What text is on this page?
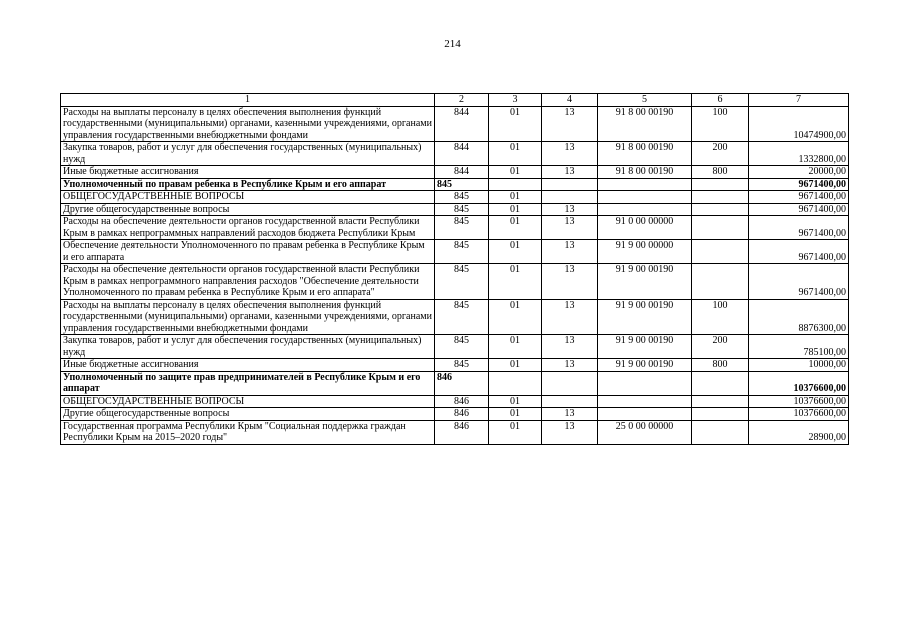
214
1	2	3	4	5	6	7
Расходы на выплаты персоналу в целях обеспечения выполнения функций государственными (муниципальными) органами, казенными учреждениями, органами управления государственными внебюджетными фондами	844	01	13	91 8 00 00190	100	10474900,00
Закупка товаров, работ и услуг для обеспечения государственных (муниципальных) нужд	844	01	13	91 8 00 00190	200	1332800,00
Иные бюджетные ассигнования	844	01	13	91 8 00 00190	800	20000,00
Уполномоченный по правам ребенка в Республике Крым и его аппарат	845					9671400,00
ОБЩЕГОСУДАРСТВЕННЫЕ ВОПРОСЫ	845	01				9671400,00
Другие общегосударственные вопросы	845	01	13			9671400,00
Расходы на обеспечение деятельности органов государственной власти Республики Крым в рамках непрограммных направлений расходов бюджета Республики Крым	845	01	13	91 0 00 00000		9671400,00
Обеспечение деятельности Уполномоченного по правам ребенка в Республике Крым и его аппарата	845	01	13	91 9 00 00000		9671400,00
Расходы на обеспечение деятельности органов государственной власти Республики Крым в рамках непрограммного направления расходов "Обеспечение деятельности Уполномоченного по правам ребенка в Республике Крым и его аппарата"	845	01	13	91 9 00 00190		9671400,00
Расходы на выплаты персоналу в целях обеспечения выполнения функций государственными (муниципальными) органами, казенными учреждениями, органами управления государственными внебюджетными фондами	845	01	13	91 9 00 00190	100	8876300,00
Закупка товаров, работ и услуг для обеспечения государственных (муниципальных) нужд	845	01	13	91 9 00 00190	200	785100,00
Иные бюджетные ассигнования	845	01	13	91 9 00 00190	800	10000,00
Уполномоченный по защите прав предпринимателей в Республике Крым и его аппарат	846					10376600,00
ОБЩЕГОСУДАРСТВЕННЫЕ ВОПРОСЫ	846	01				10376600,00
Другие общегосударственные вопросы	846	01	13			10376600,00
Государственная программа Республики Крым "Социальная поддержка граждан Республики Крым на 2015–2020 годы"	846	01	13	25 0 00 00000		28900,00
